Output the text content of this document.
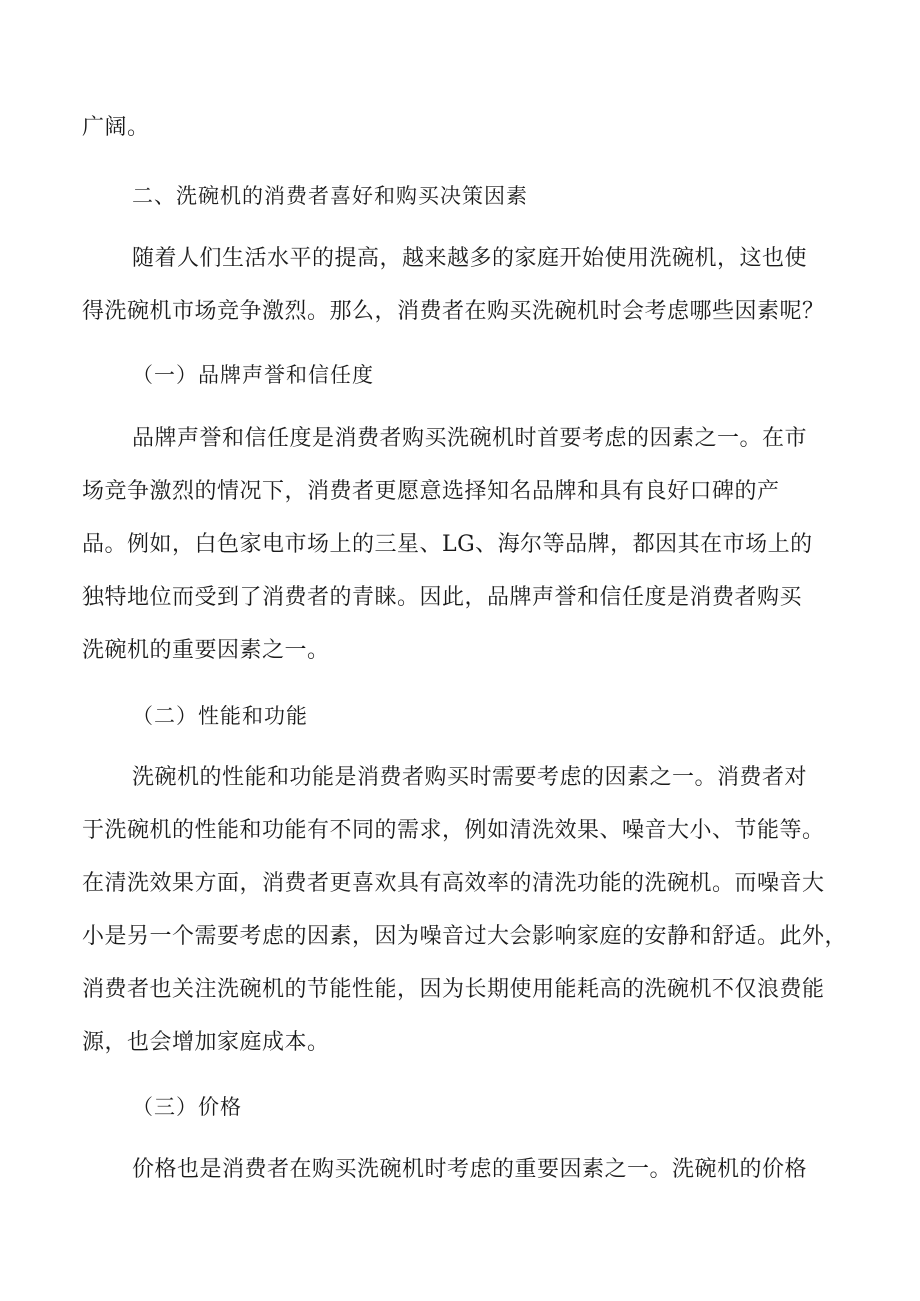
广阔。
二、洗碗机的消费者喜好和购买决策因素
随着人们生活水平的提高，越来越多的家庭开始使用洗碗机，这也使
得洗碗机市场竞争激烈。那么，消费者在购买洗碗机时会考虑哪些因素呢？
（一）品牌声誉和信任度
品牌声誉和信任度是消费者购买洗碗机时首要考虑的因素之一。在市
场竞争激烈的情况下，消费者更愿意选择知名品牌和具有良好口碑的产
品。例如，白色家电市场上的三星、LG、海尔等品牌，都因其在市场上的
独特地位而受到了消费者的青睐。因此，品牌声誉和信任度是消费者购买
洗碗机的重要因素之一。
（二）性能和功能
洗碗机的性能和功能是消费者购买时需要考虑的因素之一。消费者对
于洗碗机的性能和功能有不同的需求，例如清洗效果、噪音大小、节能等。
在清洗效果方面，消费者更喜欢具有高效率的清洗功能的洗碗机。而噪音大
小是另一个需要考虑的因素，因为噪音过大会影响家庭的安静和舒适。此外，
消费者也关注洗碗机的节能性能，因为长期使用能耗高的洗碗机不仅浪费能
源，也会增加家庭成本。
（三）价格
价格也是消费者在购买洗碗机时考虑的重要因素之一。洗碗机的价格
